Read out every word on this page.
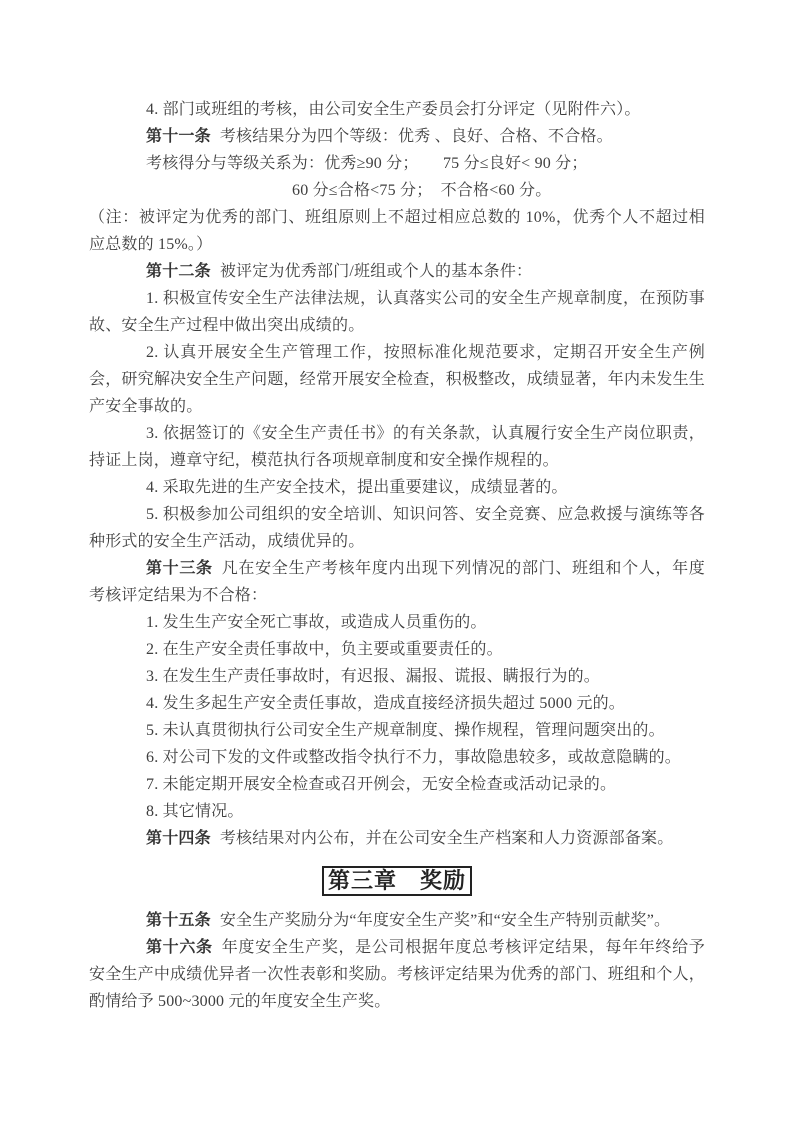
4. 部门或班组的考核，由公司安全生产委员会打分评定（见附件六）。

第十一条 考核结果分为四个等级：优秀 、良好、合格、不合格。

考核得分与等级关系为：优秀≥90 分；　　75 分≤良好< 90 分；

60 分≤合格<75 分；　不合格<60 分。

（注：被评定为优秀的部门、班组原则上不超过相应总数的 10%，优秀个人不超过相应总数的 15%。）

第十二条 被评定为优秀部门/班组或个人的基本条件：

1. 积极宣传安全生产法律法规，认真落实公司的安全生产规章制度，在预防事故、安全生产过程中做出突出成绩的。

2. 认真开展安全生产管理工作，按照标准化规范要求，定期召开安全生产例会，研究解决安全生产问题，经常开展安全检查，积极整改，成绩显著，年内未发生生产安全事故的。

3. 依据签订的《安全生产责任书》的有关条款，认真履行安全生产岗位职责，持证上岗，遵章守纪，模范执行各项规章制度和安全操作规程的。

4. 采取先进的生产安全技术，提出重要建议，成绩显著的。

5. 积极参加公司组织的安全培训、知识问答、安全竞赛、应急救援与演练等各种形式的安全生产活动，成绩优异的。

第十三条 凡在安全生产考核年度内出现下列情况的部门、班组和个人，年度考核评定结果为不合格：

1. 发生生产安全死亡事故，或造成人员重伤的。

2. 在生产安全责任事故中，负主要或重要责任的。

3. 在发生生产责任事故时，有迟报、漏报、谎报、瞒报行为的。

4. 发生多起生产安全责任事故，造成直接经济损失超过 5000 元的。

5. 未认真贯彻执行公司安全生产规章制度、操作规程，管理问题突出的。

6. 对公司下发的文件或整改指令执行不力，事故隐患较多，或故意隐瞒的。

7. 未能定期开展安全检查或召开例会，无安全检查或活动记录的。

8. 其它情况。

第十四条 考核结果对内公布，并在公司安全生产档案和人力资源部备案。

第三章　奖励

第十五条 安全生产奖励分为“年度安全生产奖”和“安全生产特别贡献奖”。

第十六条 年度安全生产奖，是公司根据年度总考核评定结果，每年年终给予安全生产中成绩优异者一次性表彰和奖励。考核评定结果为优秀的部门、班组和个人，酌情给予 500~3000 元的年度安全生产奖。
